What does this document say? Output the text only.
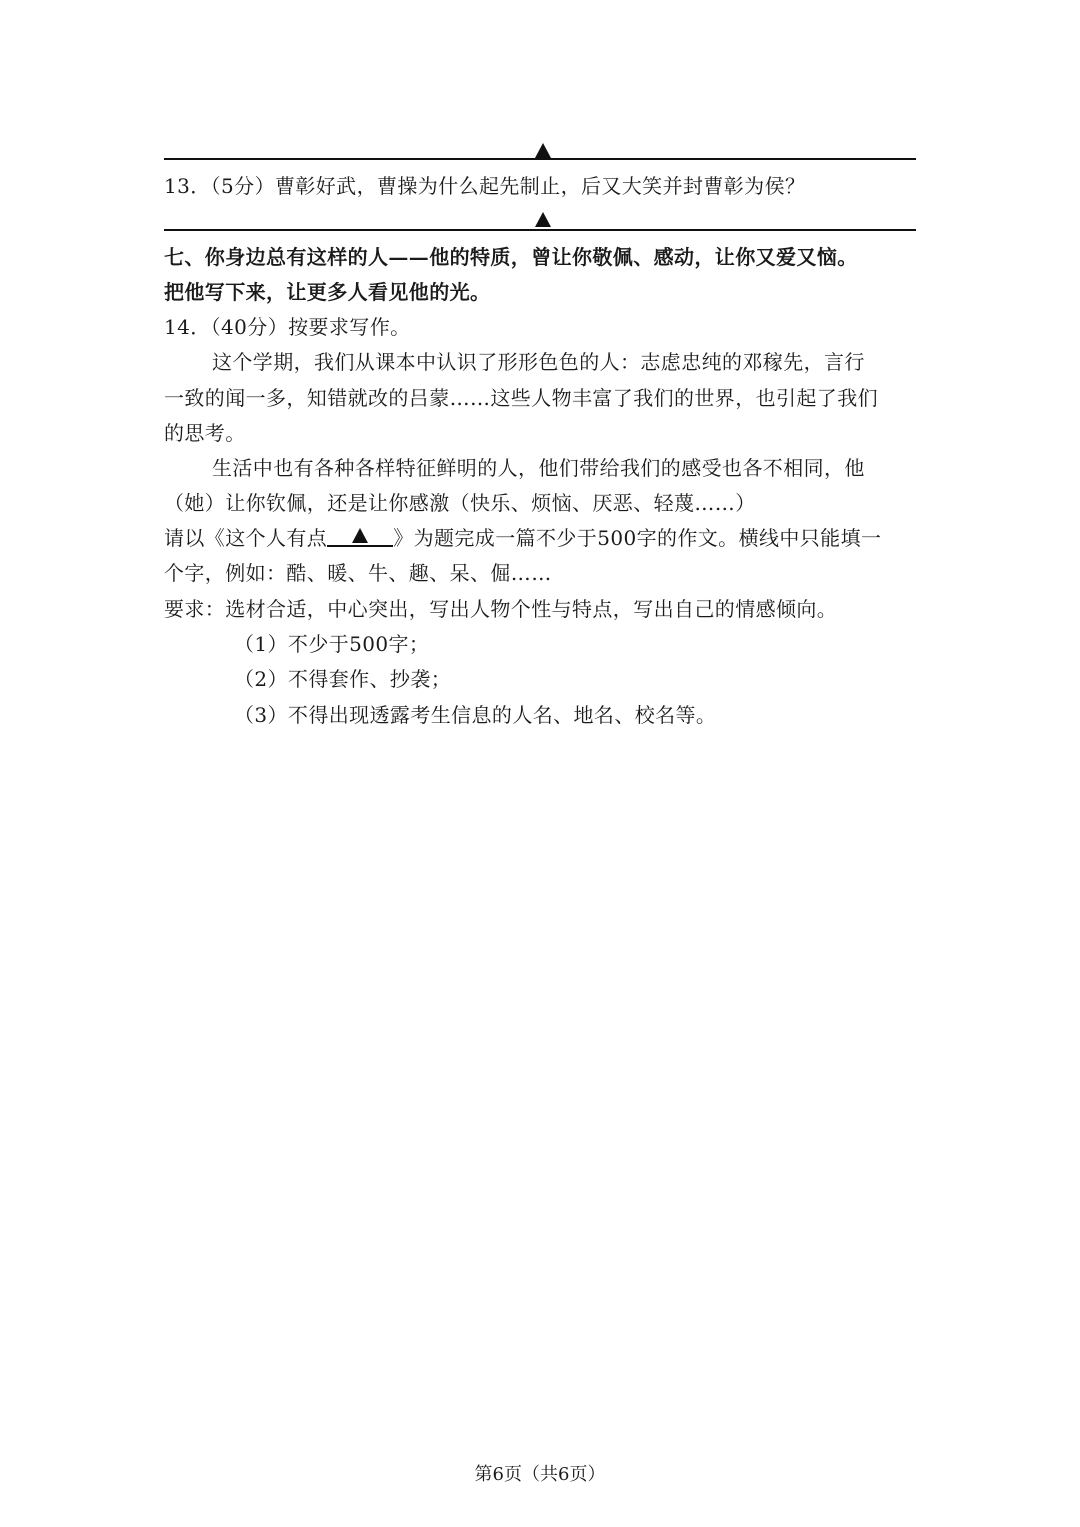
13．（5分）曹彰好武，曹操为什么起先制止，后又大笑并封曹彰为侯？
七、你身边总有这样的人——他的特质，曾让你敬佩、感动，让你又爱又恼。
把他写下来，让更多人看见他的光。
14．（40分）按要求写作。
这个学期，我们从课本中认识了形形色色的人：志虑忠纯的邓稼先，言行
一致的闻一多，知错就改的吕蒙……这些人物丰富了我们的世界，也引起了我们
的思考。
生活中也有各种各样特征鲜明的人，他们带给我们的感受也各不相同，他
（她）让你钦佩，还是让你感激（快乐、烦恼、厌恶、轻蔑……）
请以《这个人有点	》为题完成一篇不少于500字的作文。横线中只能填一
个字，例如：酷、暖、牛、趣、呆、倔……
要求：选材合适，中心突出，写出人物个性与特点，写出自己的情感倾向。
（1）不少于500字；
（2）不得套作、抄袭；
（3）不得出现透露考生信息的人名、地名、校名等。
第6页（共6页）
